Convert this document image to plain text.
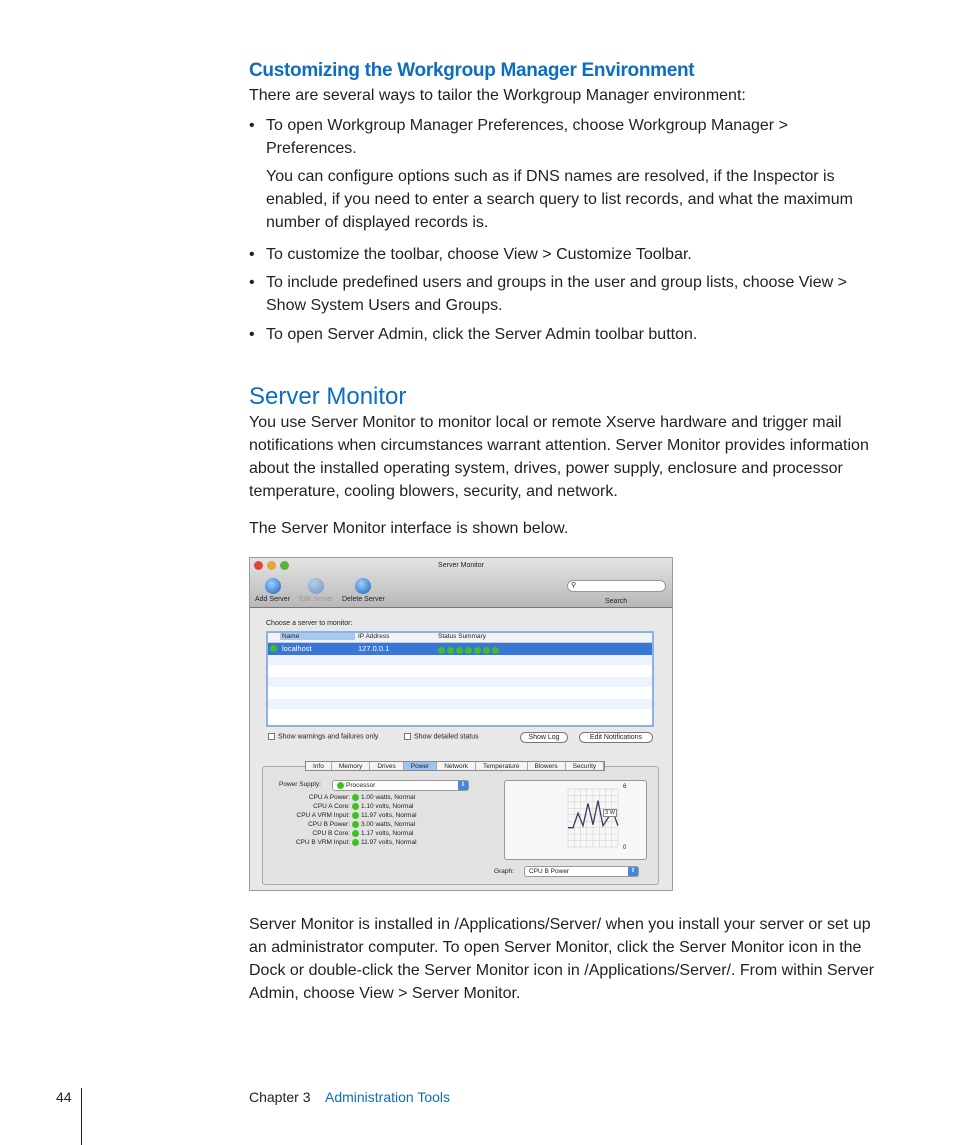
Customizing the Workgroup Manager Environment
There are several ways to tailor the Workgroup Manager environment:
• To open Workgroup Manager Preferences, choose Workgroup Manager > Preferences.
You can configure options such as if DNS names are resolved, if the Inspector is enabled, if you need to enter a search query to list records, and what the maximum number of displayed records is.
• To customize the toolbar, choose View > Customize Toolbar.
• To include predefined users and groups in the user and group lists, choose View > Show System Users and Groups.
• To open Server Admin, click the Server Admin toolbar button.
Server Monitor
You use Server Monitor to monitor local or remote Xserve hardware and trigger mail notifications when circumstances warrant attention. Server Monitor provides information about the installed operating system, drives, power supply, enclosure and processor temperature, cooling blowers, security, and network.
The Server Monitor interface is shown below.
Server Monitor
Add Server Edit Server Delete Server
⚲
Search
Choose a server to monitor:
Name	IP Address	Status Summary
localhost	127.0.0.1
Show warnings and failures only	Show detailed status	Show Log	Edit Notifications
Info	Memory	Drives	Power	Network	Temperature	Blowers	Security
Power Supply:	Processor	⇕
CPU A Power: 1.00 watts, Normal
CPU A Core: 1.10 volts, Normal
CPU A VRM Input: 11.97 volts, Normal
CPU B Power: 3.00 watts, Normal
CPU B Core: 1.17 volts, Normal
CPU B VRM Input: 11.97 volts, Normal
6
0
3 W
Graph:	CPU B Power	⇕
Server Monitor is installed in /Applications/Server/ when you install your server or set up an administrator computer. To open Server Monitor, click the Server Monitor icon in the Dock or double-click the Server Monitor icon in /Applications/Server/. From within Server Admin, choose View > Server Monitor.
44	Chapter 3 Administration Tools
